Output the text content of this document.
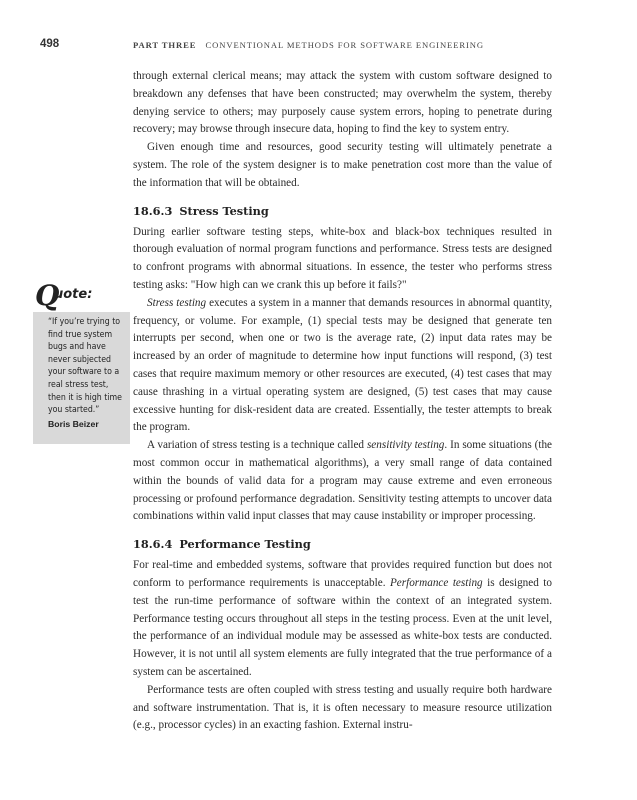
498	PART THREE CONVENTIONAL METHODS FOR SOFTWARE ENGINEERING
Q
uote:
“If you’re trying to find true system bugs and have never subjected your software to a real stress test, then it is high time you started.”
Boris Beizer

through external clerical means; may attack the system with custom software designed to breakdown any defenses that have been constructed; may overwhelm the system, thereby denying service to others; may purposely cause system errors, hoping to penetrate during recovery; may browse through insecure data, hoping to find the key to system entry.

Given enough time and resources, good security testing will ultimately penetrate a system. The role of the system designer is to make penetration cost more than the value of the information that will be obtained.

18.6.3 Stress Testing

During earlier software testing steps, white-box and black-box techniques resulted in thorough evaluation of normal program functions and performance. Stress tests are designed to confront programs with abnormal situations. In essence, the tester who performs stress testing asks: "How high can we crank this up before it fails?"

Stress testing executes a system in a manner that demands resources in abnormal quantity, frequency, or volume. For example, (1) special tests may be designed that generate ten interrupts per second, when one or two is the average rate, (2) input data rates may be increased by an order of magnitude to determine how input functions will respond, (3) test cases that require maximum memory or other resources are executed, (4) test cases that may cause thrashing in a virtual operating system are designed, (5) test cases that may cause excessive hunting for disk-resident data are created. Essentially, the tester attempts to break the program.

A variation of stress testing is a technique called sensitivity testing. In some situations (the most common occur in mathematical algorithms), a very small range of data contained within the bounds of valid data for a program may cause extreme and even erroneous processing or profound performance degradation. Sensitivity testing attempts to uncover data combinations within valid input classes that may cause instability or improper processing.

18.6.4 Performance Testing

For real-time and embedded systems, software that provides required function but does not conform to performance requirements is unacceptable. Performance testing is designed to test the run-time performance of software within the context of an integrated system. Performance testing occurs throughout all steps in the testing process. Even at the unit level, the performance of an individual module may be assessed as white-box tests are conducted. However, it is not until all system elements are fully integrated that the true performance of a system can be ascertained.

Performance tests are often coupled with stress testing and usually require both hardware and software instrumentation. That is, it is often necessary to measure resource utilization (e.g., processor cycles) in an exacting fashion. External instru-
